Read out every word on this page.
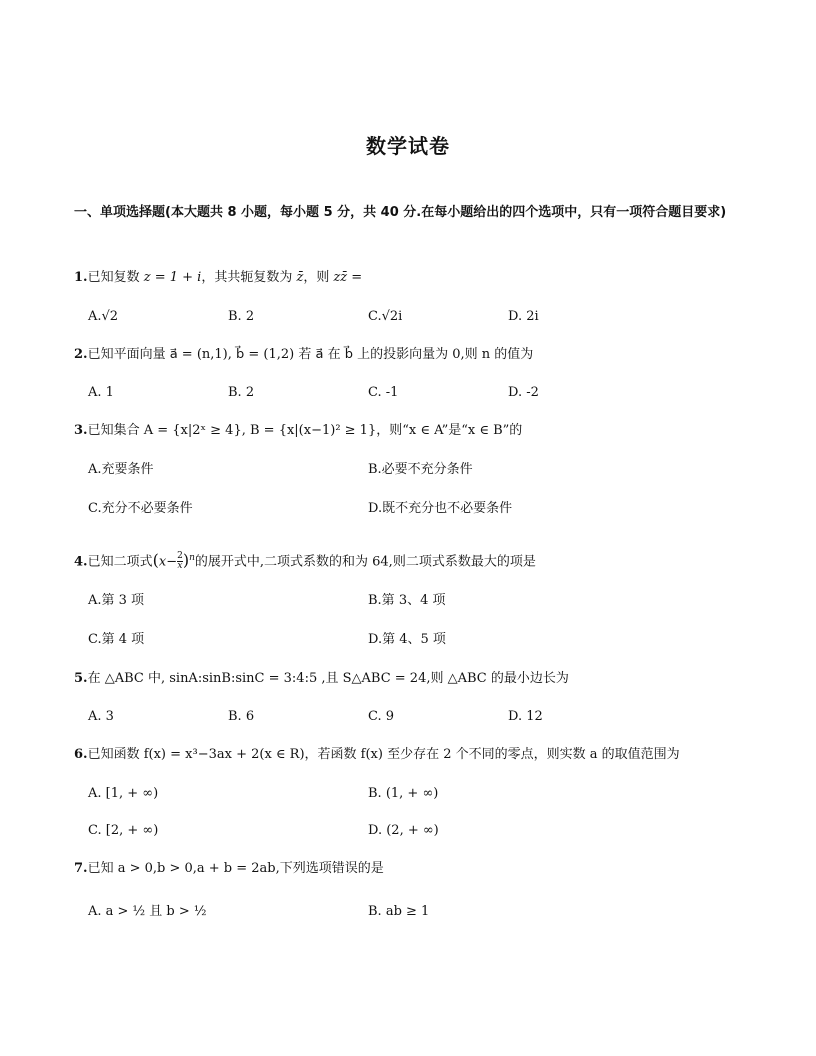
数学试卷
一、单项选择题(本大题共 8 小题，每小题 5 分，共 40 分.在每小题给出的四个选项中，只有一项符合题目要求)
1.已知复数 z = 1 + i，其共轭复数为 z̄，则 zz̄ =
A.√2	B. 2	C.√2i	D. 2i
2.已知平面向量 a⃗ = (n,1), b⃗ = (1,2) 若 a⃗ 在 b⃗ 上的投影向量为 0,则 n 的值为
A. 1	B. 2	C. -1	D. -2
3.已知集合 A = {x|2ˣ ≥ 4}, B = {x|(x−1)² ≥ 1}，则“x ∈ A”是“x ∈ B”的
A.充要条件	B.必要不充分条件
C.充分不必要条件	D.既不充分也不必要条件
4.已知二项式$(x- \frac{2}{x} )^n$的展开式中,二项式系数的和为 64,则二项式系数最大的项是
A.第 3 项	B.第 3、4 项
C.第 4 项	D.第 4、5 项
5.在 △ABC 中, sinA:sinB:sinC = 3:4:5 ,且 S△ABC = 24,则 △ABC 的最小边长为
A. 3	B. 6	C. 9	D. 12
6.已知函数 f(x) = x³−3ax + 2(x ∈ R)，若函数 f(x) 至少存在 2 个不同的零点，则实数 a 的取值范围为
A. [1, + ∞)	B. (1, + ∞)
C. [2, + ∞)	D. (2, + ∞)
7.已知 a > 0,b > 0,a + b = 2ab,下列选项错误的是
A. a > ½ 且 b > ½	B. ab ≥ 1
